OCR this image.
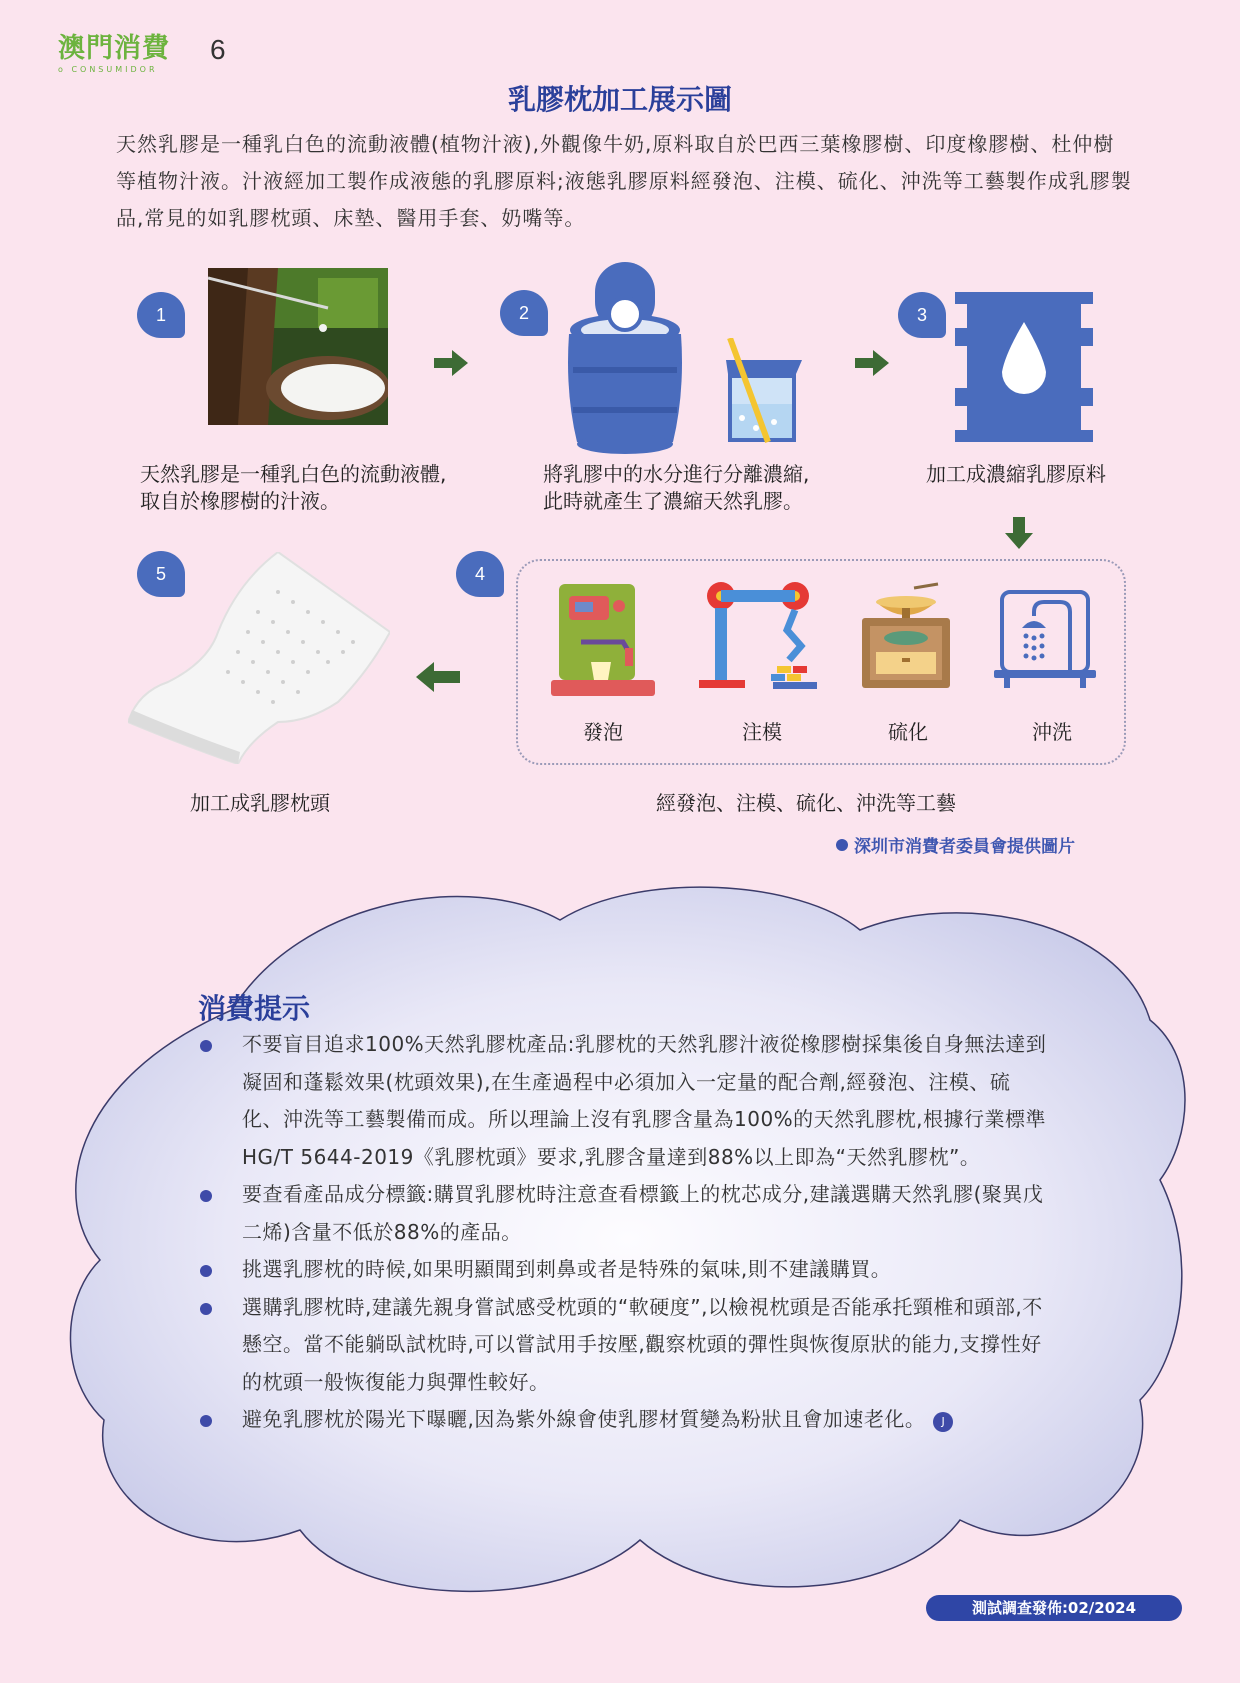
澳門消費
o CONSUMIDOR
6
乳膠枕加工展示圖
天然乳膠是一種乳白色的流動液體(植物汁液),外觀像牛奶,原料取自於巴西三葉橡膠樹、印度橡膠樹、杜仲樹等植物汁液。汁液經加工製作成液態的乳膠原料;液態乳膠原料經發泡、注模、硫化、沖洗等工藝製作成乳膠製品,常見的如乳膠枕頭、床墊、醫用手套、奶嘴等。
1
天然乳膠是一種乳白色的流動液體,
取自於橡膠樹的汁液。
2
將乳膠中的水分進行分離濃縮,
此時就產生了濃縮天然乳膠。
3
加工成濃縮乳膠原料
4
發泡	注模	硫化	沖洗
經發泡、注模、硫化、沖洗等工藝
5
加工成乳膠枕頭
深圳市消費者委員會提供圖片
消費提示
不要盲目追求100%天然乳膠枕產品:乳膠枕的天然乳膠汁液從橡膠樹採集後自身無法達到凝固和蓬鬆效果(枕頭效果),在生產過程中必須加入一定量的配合劑,經發泡、注模、硫化、沖洗等工藝製備而成。所以理論上沒有乳膠含量為100%的天然乳膠枕,根據行業標準HG/T 5644-2019《乳膠枕頭》要求,乳膠含量達到88%以上即為“天然乳膠枕”。
要查看產品成分標籤:購買乳膠枕時注意查看標籤上的枕芯成分,建議選購天然乳膠(聚異戊二烯)含量不低於88%的產品。
挑選乳膠枕的時候,如果明顯聞到刺鼻或者是特殊的氣味,則不建議購買。
選購乳膠枕時,建議先親身嘗試感受枕頭的“軟硬度”,以檢視枕頭是否能承托頸椎和頭部,不懸空。當不能躺臥試枕時,可以嘗試用手按壓,觀察枕頭的彈性與恢復原狀的能力,支撐性好的枕頭一般恢復能力與彈性較好。
避免乳膠枕於陽光下曝曬,因為紫外線會使乳膠材質變為粉狀且會加速老化。 J
測試調查發佈:02/2024
